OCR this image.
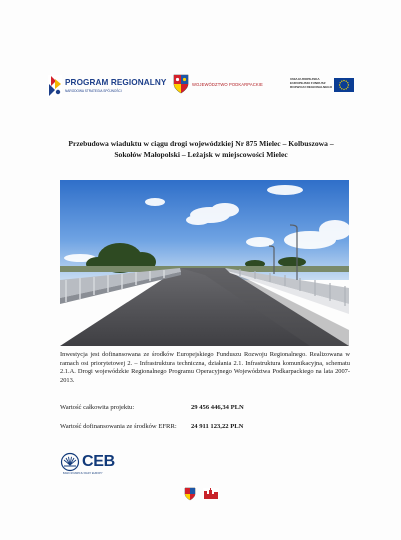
PROGRAM REGIONALNY
NARODOWA STRATEGIA SPÓJNOŚCI
WOJEWÓDZTWO PODKARPACKIE
UNIA EUROPEJSKA
EUROPEJSKI FUNDUSZ
ROZWOJU REGIONALNEGO
Przebudowa wiaduktu w ciągu drogi wojewódzkiej Nr 875 Mielec – Kolbuszowa –
Sokołów Małopolski – Leżajsk w miejscowości Mielec
Inwestycja jest dofinansowana ze środków Europejskiego Funduszu Rozwoju Regionalnego. Realizowana w ramach osi priorytetowej 2. – Infrastruktura techniczna, działania 2.1. Infrastruktura komunikacyjna, schematu 2.1.A. Drogi wojewódzkie Regionalnego Programu Operacyjnego Województwa Podkarpackiego na lata 2007- 2013.
Wartość całkowita projektu:	29 456 446,34 PLN
Wartość dofinansowania ze środków EFRR:	24 911 123,22 PLN
CEB
BANK ROZWOJU RADY EUROPY
